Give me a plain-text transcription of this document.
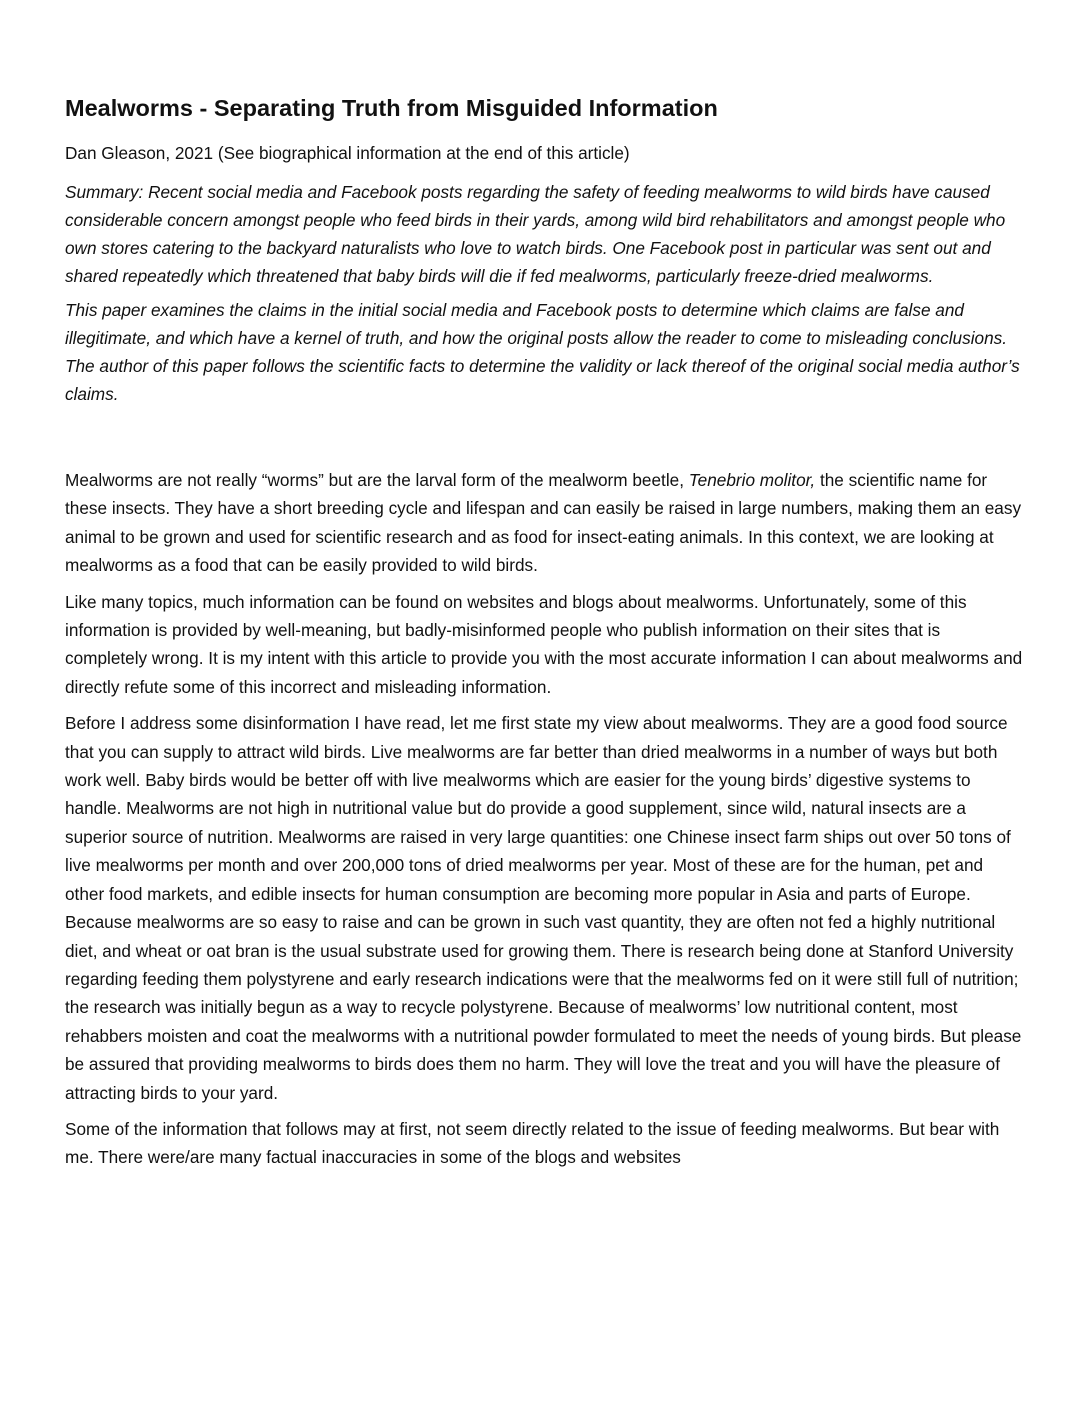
Mealworms - Separating Truth from Misguided Information

Dan Gleason, 2021 (See biographical information at the end of this article)

Summary: Recent social media and Facebook posts regarding the safety of feeding mealworms to wild birds have caused considerable concern amongst people who feed birds in their yards, among wild bird rehabilitators and amongst people who own stores catering to the backyard naturalists who love to watch birds. One Facebook post in particular was sent out and shared repeatedly which threatened that baby birds will die if fed mealworms, particularly freeze-dried mealworms.

This paper examines the claims in the initial social media and Facebook posts to determine which claims are false and illegitimate, and which have a kernel of truth, and how the original posts allow the reader to come to misleading conclusions. The author of this paper follows the scientific facts to determine the validity or lack thereof of the original social media author’s claims.

Mealworms are not really “worms” but are the larval form of the mealworm beetle, Tenebrio molitor, the scientific name for these insects. They have a short breeding cycle and lifespan and can easily be raised in large numbers, making them an easy animal to be grown and used for scientific research and as food for insect-eating animals. In this context, we are looking at mealworms as a food that can be easily provided to wild birds.

Like many topics, much information can be found on websites and blogs about mealworms. Unfortunately, some of this information is provided by well-meaning, but badly-misinformed people who publish information on their sites that is completely wrong. It is my intent with this article to provide you with the most accurate information I can about mealworms and directly refute some of this incorrect and misleading information.

Before I address some disinformation I have read, let me first state my view about mealworms. They are a good food source that you can supply to attract wild birds. Live mealworms are far better than dried mealworms in a number of ways but both work well. Baby birds would be better off with live mealworms which are easier for the young birds’ digestive systems to handle. Mealworms are not high in nutritional value but do provide a good supplement, since wild, natural insects are a superior source of nutrition. Mealworms are raised in very large quantities: one Chinese insect farm ships out over 50 tons of live mealworms per month and over 200,000 tons of dried mealworms per year. Most of these are for the human, pet and other food markets, and edible insects for human consumption are becoming more popular in Asia and parts of Europe. Because mealworms are so easy to raise and can be grown in such vast quantity, they are often not fed a highly nutritional diet, and wheat or oat bran is the usual substrate used for growing them. There is research being done at Stanford University regarding feeding them polystyrene and early research indications were that the mealworms fed on it were still full of nutrition; the research was initially begun as a way to recycle polystyrene. Because of mealworms’ low nutritional content, most rehabbers moisten and coat the mealworms with a nutritional powder formulated to meet the needs of young birds. But please be assured that providing mealworms to birds does them no harm. They will love the treat and you will have the pleasure of attracting birds to your yard.

Some of the information that follows may at first, not seem directly related to the issue of feeding mealworms. But bear with me. There were/are many factual inaccuracies in some of the blogs and websites
